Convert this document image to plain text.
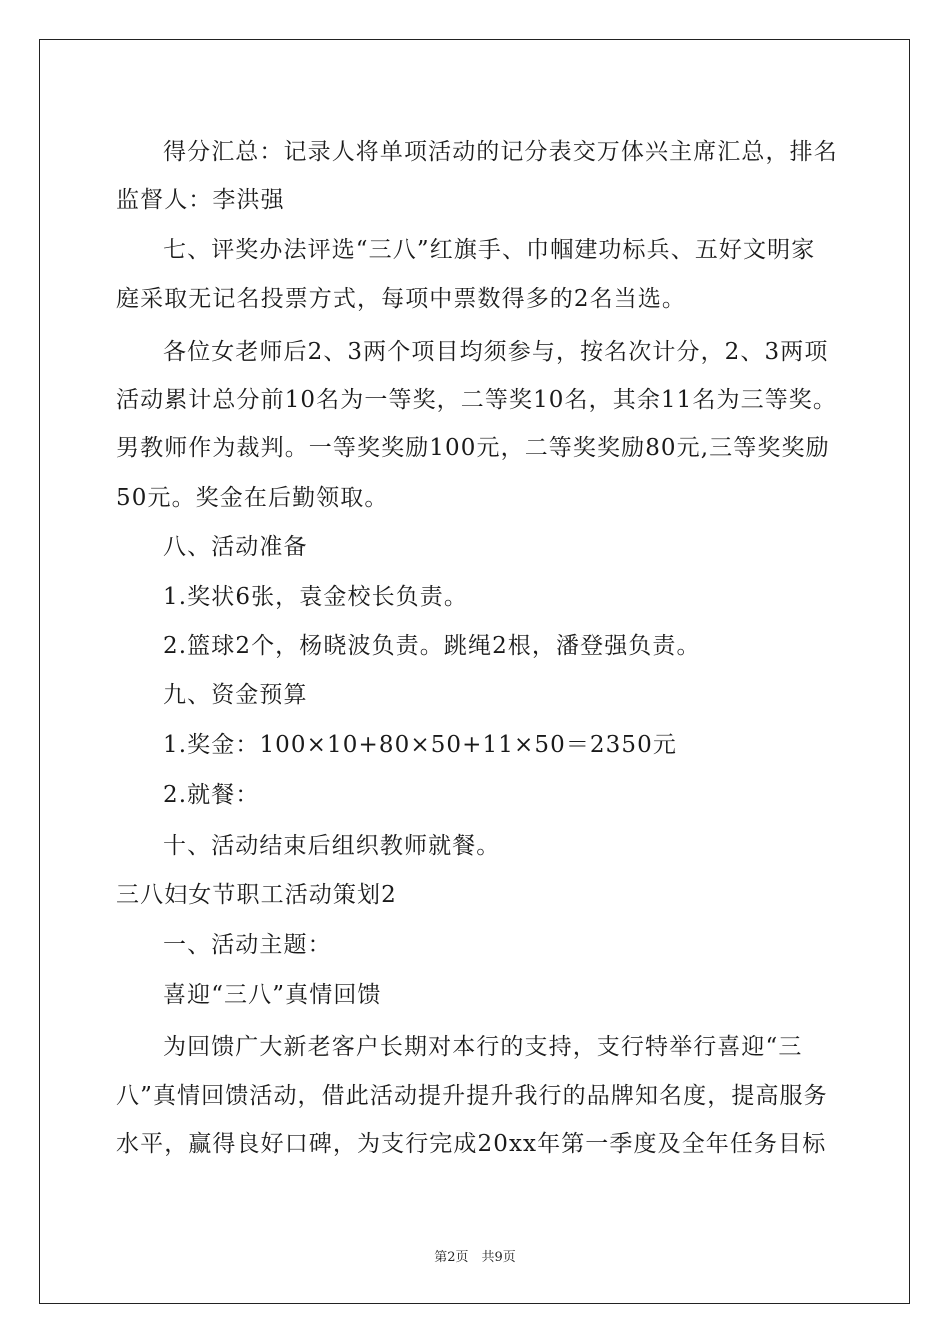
得分汇总：记录人将单项活动的记分表交万体兴主席汇总，排名
监督人：李洪强
七、评奖办法评选“三八”红旗手、巾帼建功标兵、五好文明家
庭采取无记名投票方式，每项中票数得多的2名当选。
各位女老师后2、3两个项目均须参与，按名次计分，2、3两项
活动累计总分前10名为一等奖，二等奖10名，其余11名为三等奖。
男教师作为裁判。一等奖奖励100元，二等奖奖励80元,三等奖奖励
50元。奖金在后勤领取。
八、活动准备
1.奖状6张，袁金校长负责。
2.篮球2个，杨晓波负责。跳绳2根，潘登强负责。
九、资金预算
1.奖金：100×10+80×50+11×50＝2350元
2.就餐：
十、活动结束后组织教师就餐。
三八妇女节职工活动策划2
一、活动主题：
喜迎“三八”真情回馈
为回馈广大新老客户长期对本行的支持，支行特举行喜迎“三
八”真情回馈活动，借此活动提升提升我行的品牌知名度，提高服务
水平，赢得良好口碑，为支行完成20xx年第一季度及全年任务目标
第2页　共9页
